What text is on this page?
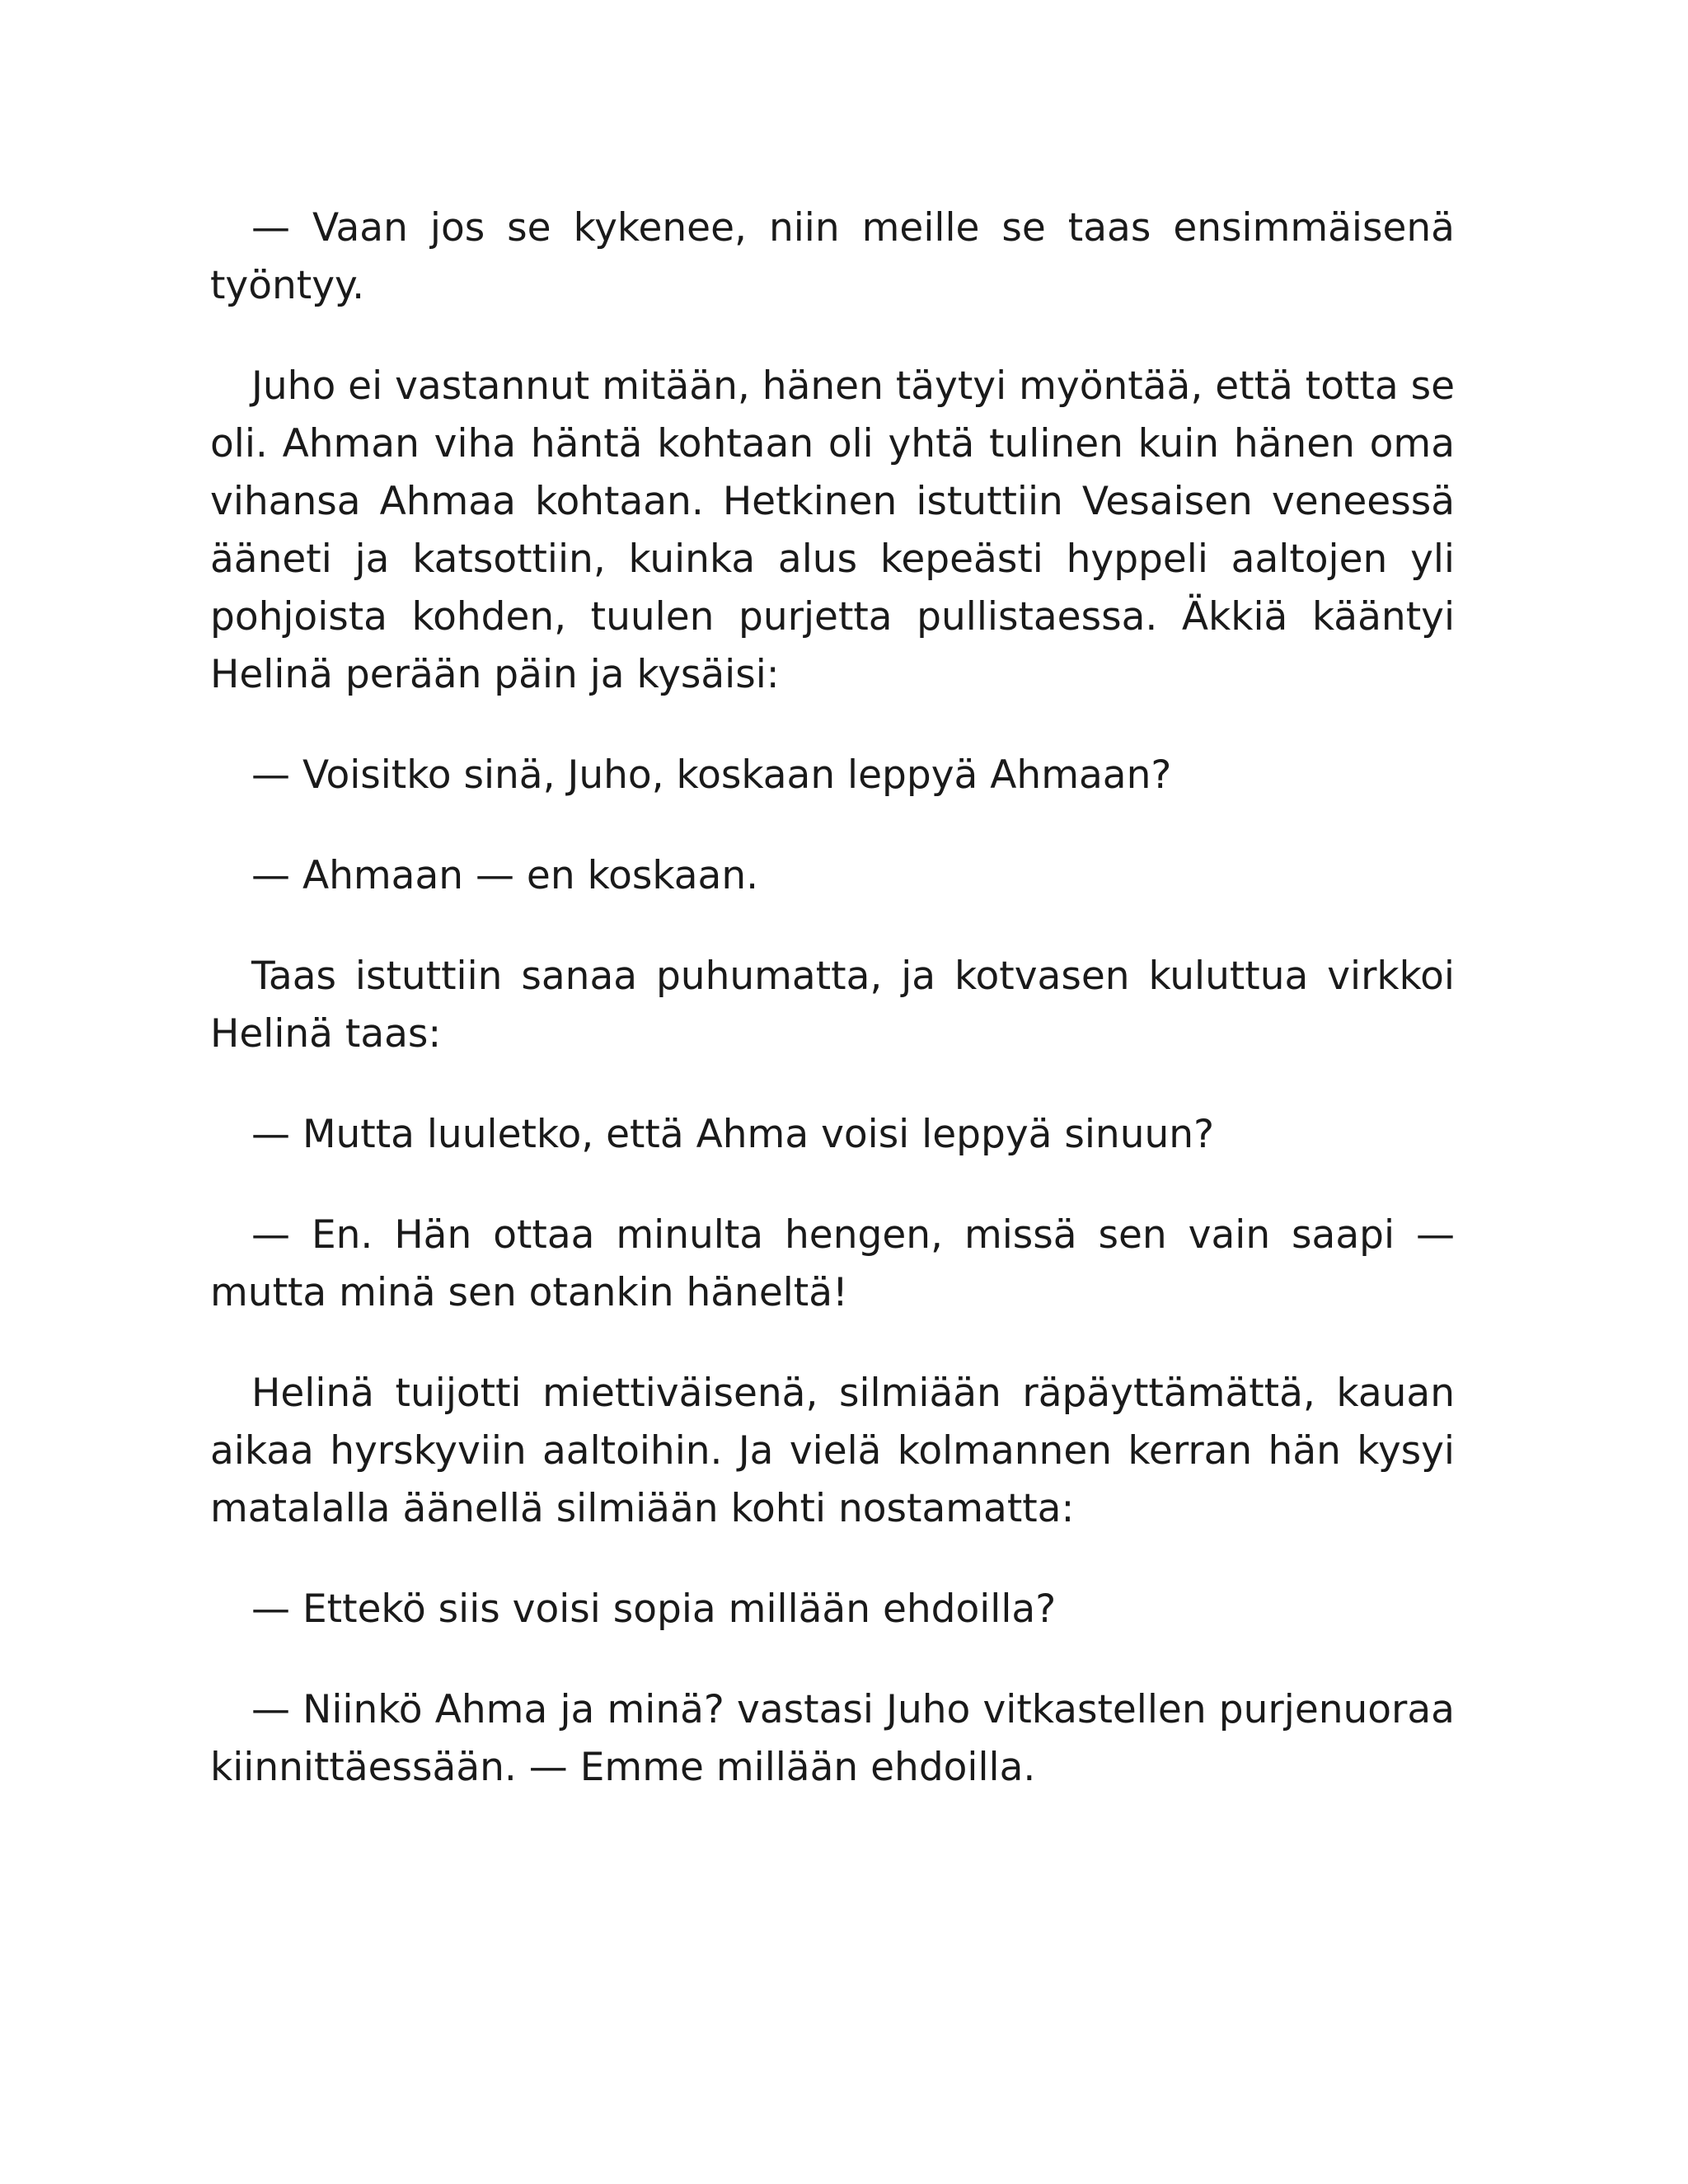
— Vaan jos se kykenee, niin meille se taas ensimmäisenä työntyy.

Juho ei vastannut mitään, hänen täytyi myöntää, että totta se oli. Ahman viha häntä kohtaan oli yhtä tulinen kuin hänen oma vihansa Ahmaa kohtaan. Hetkinen istuttiin Vesaisen veneessä ääneti ja katsottiin, kuinka alus kepeästi hyppeli aaltojen yli pohjoista kohden, tuulen purjetta pullistaessa. Äkkiä kääntyi Helinä perään päin ja kysäisi:

— Voisitko sinä, Juho, koskaan leppyä Ahmaan?

— Ahmaan — en koskaan.

Taas istuttiin sanaa puhumatta, ja kotvasen kuluttua virkkoi Helinä taas:

— Mutta luuletko, että Ahma voisi leppyä sinuun?

— En. Hän ottaa minulta hengen, missä sen vain saapi — mutta minä sen otankin häneltä!

Helinä tuijotti miettiväisenä, silmiään räpäyttämättä, kauan aikaa hyrskyviin aaltoihin. Ja vielä kolmannen kerran hän kysyi matalalla äänellä silmiään kohti nostamatta:

— Ettekö siis voisi sopia millään ehdoilla?

— Niinkö Ahma ja minä? vastasi Juho vitkastellen purjenuoraa kiinnittäessään. — Emme millään ehdoilla.
